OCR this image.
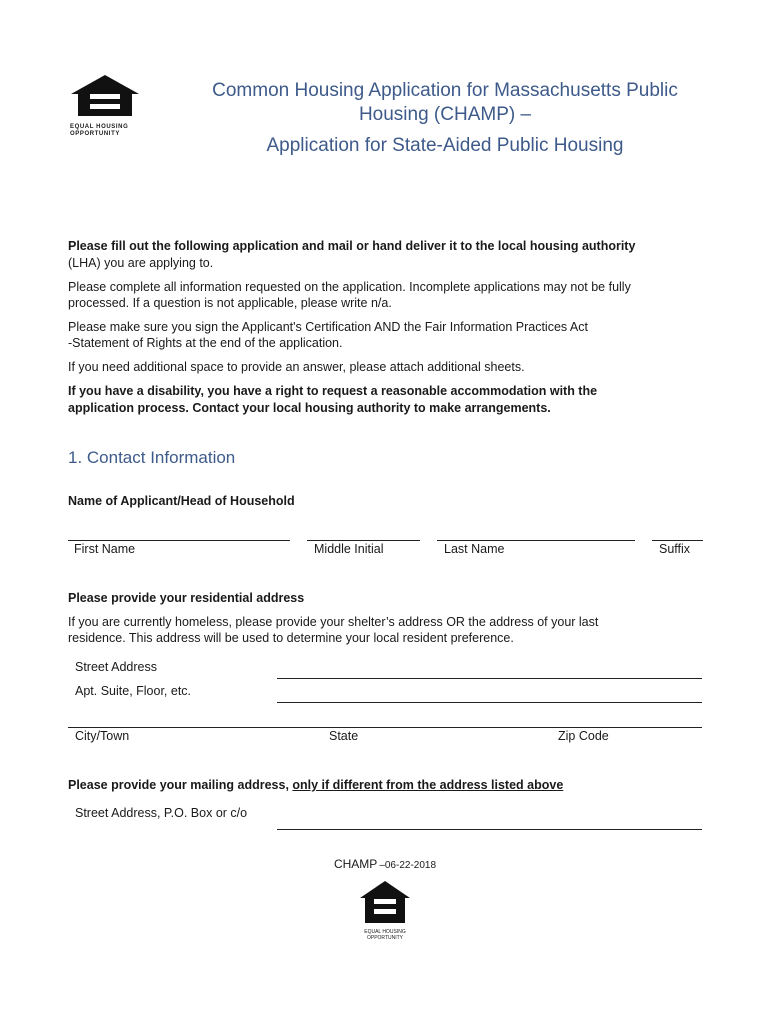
EQUAL HOUSING
OPPORTUNITY
Common Housing Application for Massachusetts Public
Housing (CHAMP) –
Application for State-Aided Public Housing
Please fill out the following application and mail or hand deliver it to the local housing authority
(LHA) you are applying to.
Please complete all information requested on the application. Incomplete applications may not be fully
processed. If a question is not applicable, please write n/a.
Please make sure you sign the Applicant's Certification AND the Fair Information Practices Act
-Statement of Rights at the end of the application.
If you need additional space to provide an answer, please attach additional sheets.
If you have a disability, you have a right to request a reasonable accommodation with the
application process. Contact your local housing authority to make arrangements.
1. Contact Information
Name of Applicant/Head of Household
First Name	Middle Initial	Last Name	Suffix
Please provide your residential address
If you are currently homeless, please provide your shelter’s address OR the address of your last
residence. This address will be used to determine your local resident preference.
Street Address
Apt. Suite, Floor, etc.
City/Town	State	Zip Code
Please provide your mailing address, only if different from the address listed above
Street Address, P.O. Box or c/o
CHAMP –06-22-2018
EQUAL HOUSING
OPPORTUNITY
